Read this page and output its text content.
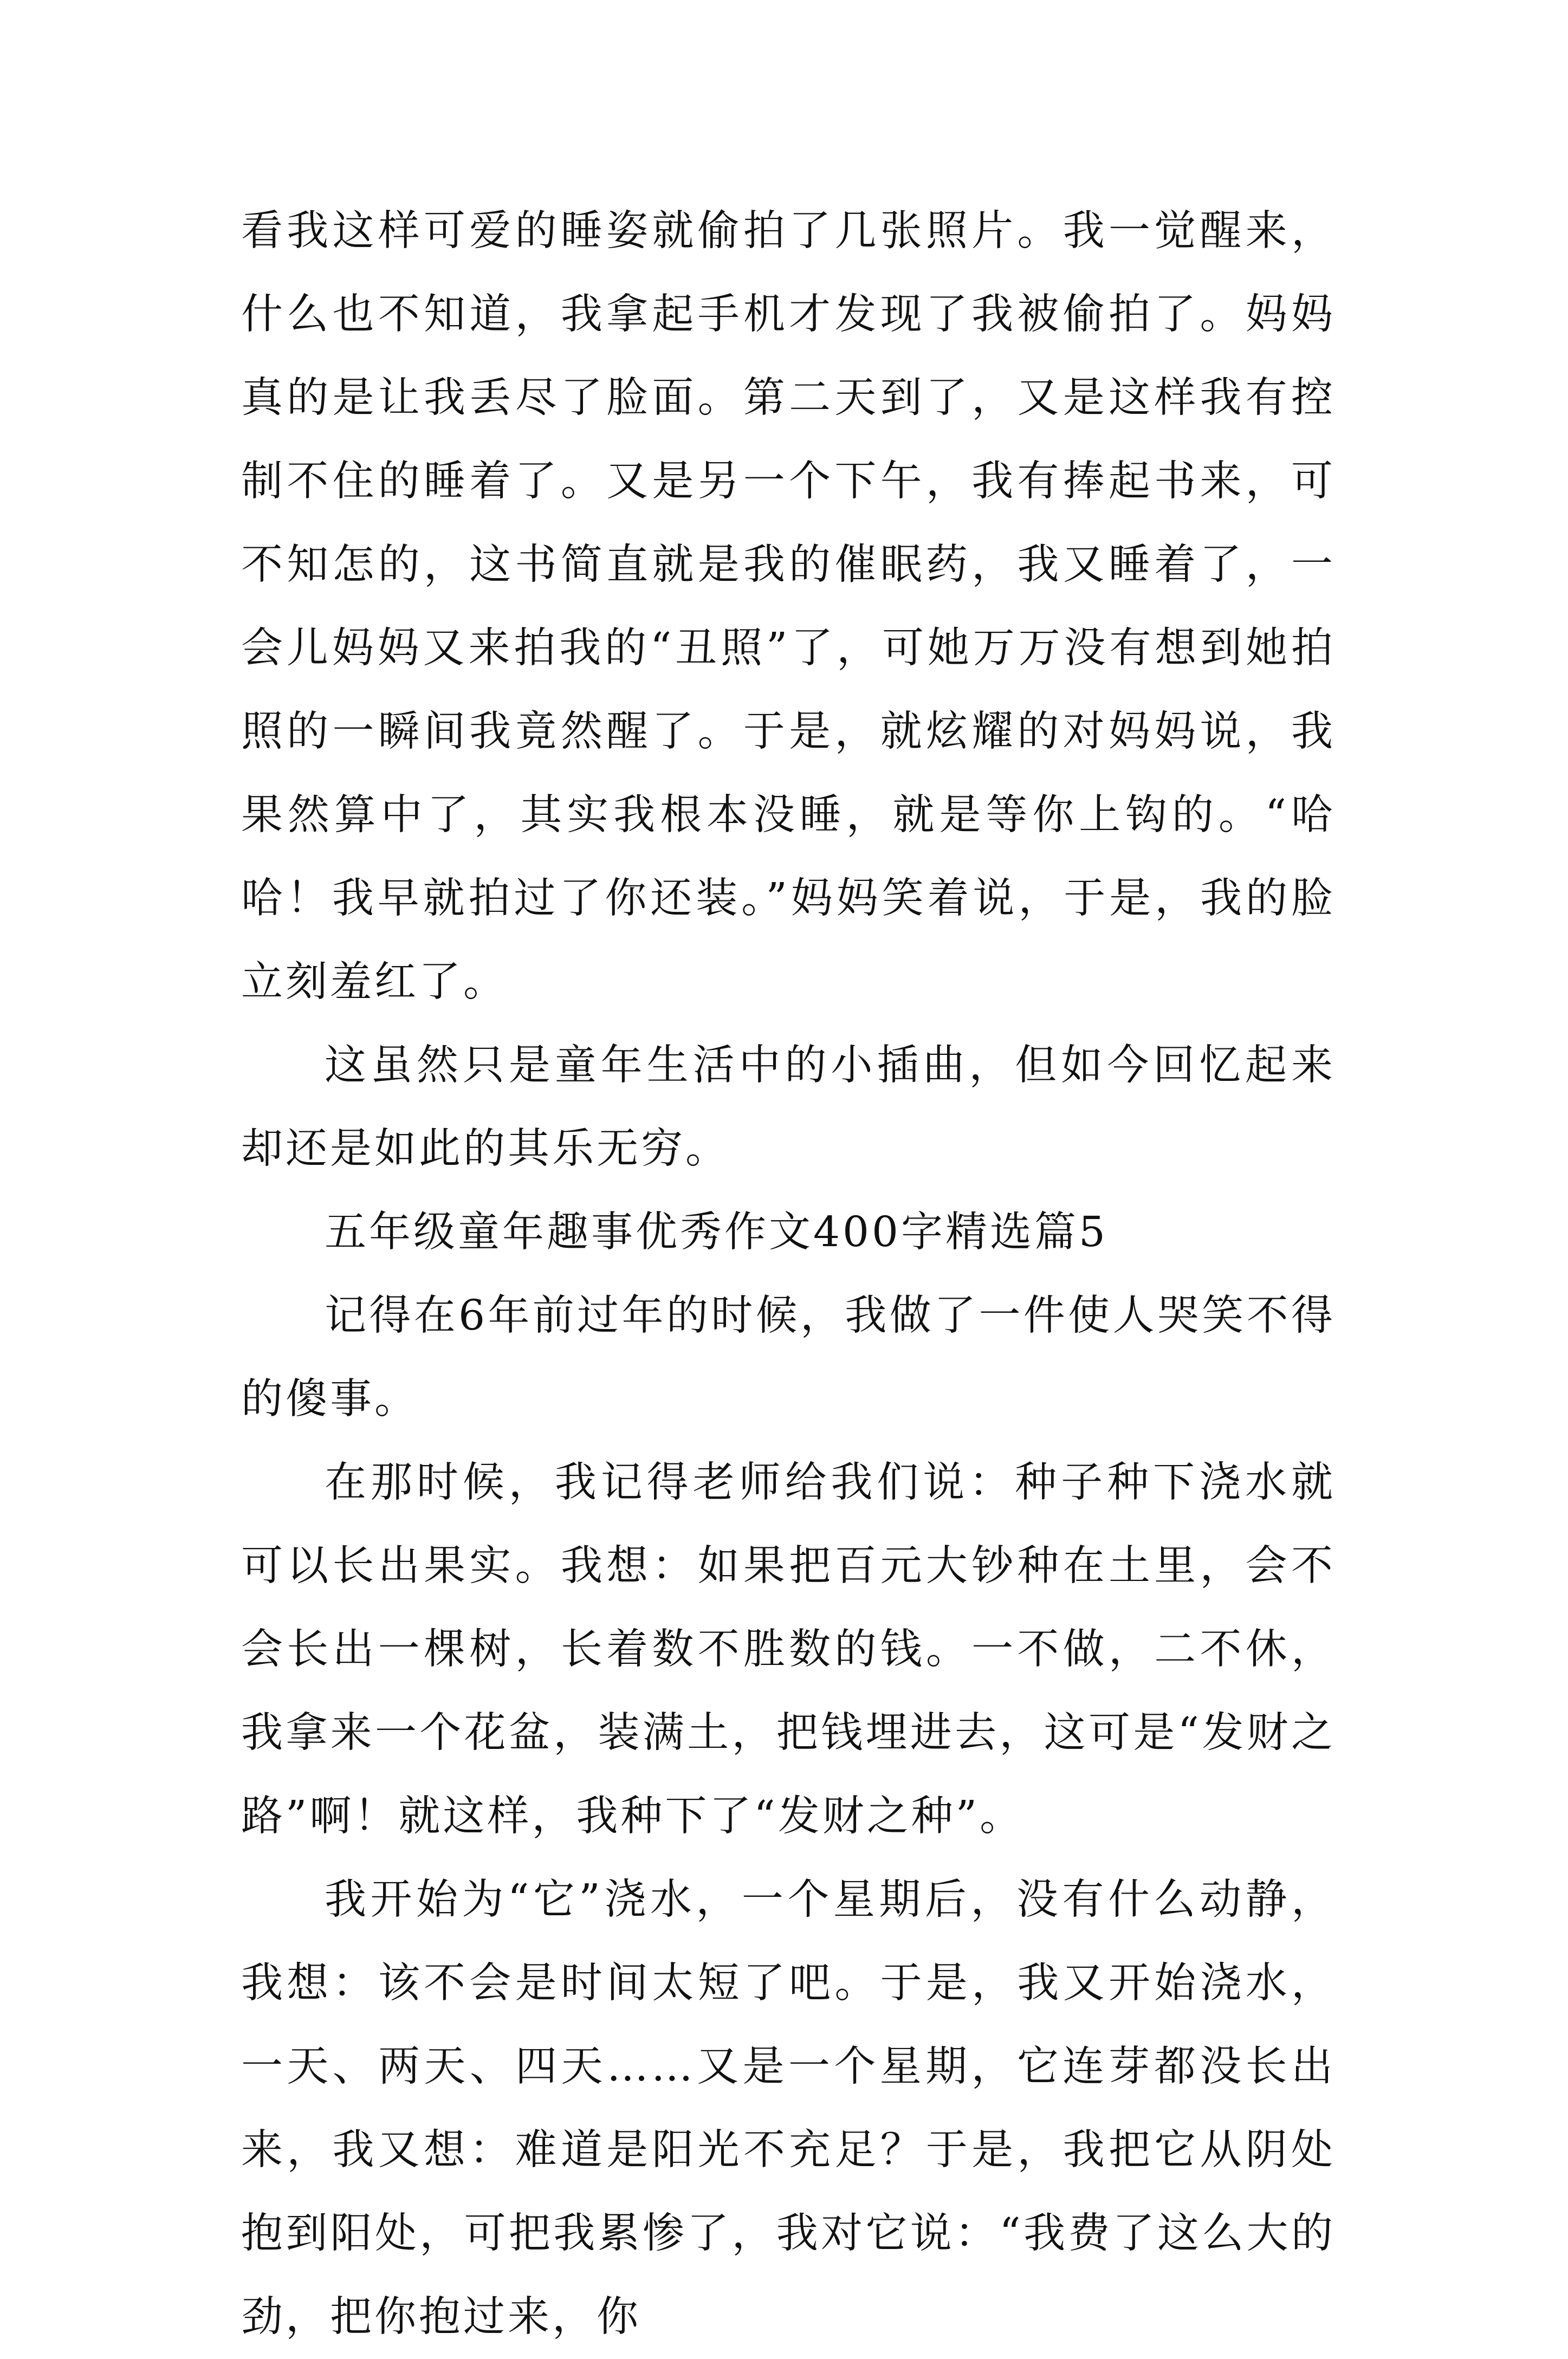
看我这样可爱的睡姿就偷拍了几张照片。我一觉醒来，什么也不知道，我拿起手机才发现了我被偷拍了。妈妈真的是让我丢尽了脸面。第二天到了，又是这样我有控制不住的睡着了。又是另一个下午，我有捧起书来，可不知怎的，这书简直就是我的催眠药，我又睡着了，一会儿妈妈又来拍我的“丑照”了，可她万万没有想到她拍照的一瞬间我竟然醒了。于是，就炫耀的对妈妈说，我果然算中了，其实我根本没睡，就是等你上钩的。“哈哈！我早就拍过了你还装。”妈妈笑着说，于是，我的脸立刻羞红了。

这虽然只是童年生活中的小插曲，但如今回忆起来却还是如此的其乐无穷。

五年级童年趣事优秀作文400字精选篇5

记得在6年前过年的时候，我做了一件使人哭笑不得的傻事。

在那时候，我记得老师给我们说：种子种下浇水就可以长出果实。我想：如果把百元大钞种在土里，会不会长出一棵树，长着数不胜数的钱。一不做，二不休，我拿来一个花盆，装满土，把钱埋进去，这可是“发财之路”啊！就这样，我种下了“发财之种”。

我开始为“它”浇水，一个星期后，没有什么动静，我想：该不会是时间太短了吧。于是，我又开始浇水，一天、两天、四天……又是一个星期，它连芽都没长出来，我又想：难道是阳光不充足？于是，我把它从阴处抱到阳处，可把我累惨了，我对它说：“我费了这么大的劲，把你抱过来，你
